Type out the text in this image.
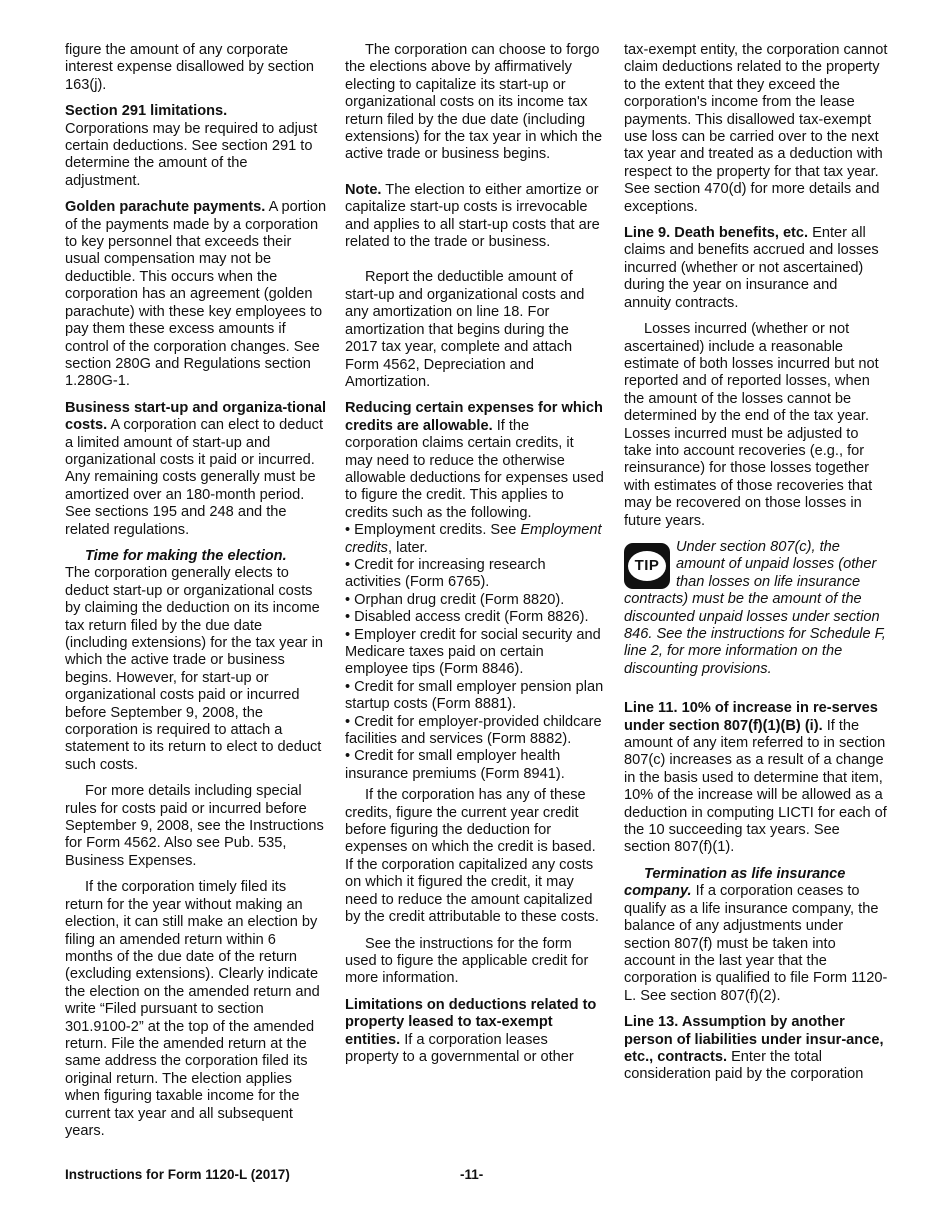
figure the amount of any corporate interest expense disallowed by section 163(j).

Section 291 limitations.
Corporations may be required to adjust certain deductions. See section 291 to determine the amount of the adjustment.

Golden parachute payments. A portion of the payments made by a corporation to key personnel that exceeds their usual compensation may not be deductible. This occurs when the corporation has an agreement (golden parachute) with these key employees to pay them these excess amounts if control of the corporation changes. See section 280G and Regulations section 1.280G-1.

Business start-up and organiza-tional costs. A corporation can elect to deduct a limited amount of start-up and organizational costs it paid or incurred. Any remaining costs generally must be amortized over an 180-month period. See sections 195 and 248 and the related regulations.

Time for making the election.

The corporation generally elects to deduct start-up or organizational costs by claiming the deduction on its income tax return filed by the due date (including extensions) for the tax year in which the active trade or business begins. However, for start-up or organizational costs paid or incurred before September 9, 2008, the corporation is required to attach a statement to its return to elect to deduct such costs.

For more details including special rules for costs paid or incurred before September 9, 2008, see the Instructions for Form 4562. Also see Pub. 535, Business Expenses.

If the corporation timely filed its return for the year without making an election, it can still make an election by filing an amended return within 6 months of the due date of the return (excluding extensions). Clearly indicate the election on the amended return and write “Filed pursuant to section 301.9100-2” at the top of the amended return. File the amended return at the same address the corporation filed its original return. The election applies when figuring taxable income for the current tax year and all subsequent years.

The corporation can choose to forgo the elections above by affirmatively electing to capitalize its start-up or organizational costs on its income tax return filed by the due date (including extensions) for the tax year in which the active trade or business begins.

Note. The election to either amortize or capitalize start-up costs is irrevocable and applies to all start-up costs that are related to the trade or business.

Report the deductible amount of start-up and organizational costs and any amortization on line 18. For amortization that begins during the 2017 tax year, complete and attach Form 4562, Depreciation and Amortization.

Reducing certain expenses for which credits are allowable. If the corporation claims certain credits, it may need to reduce the otherwise allowable deductions for expenses used to figure the credit. This applies to credits such as the following.

• Employment credits. See Employment credits, later.
• Credit for increasing research activities (Form 6765).
• Orphan drug credit (Form 8820).
• Disabled access credit (Form 8826).
• Employer credit for social security and Medicare taxes paid on certain employee tips (Form 8846).
• Credit for small employer pension plan startup costs (Form 8881).
• Credit for employer-provided childcare facilities and services (Form 8882).
• Credit for small employer health insurance premiums (Form 8941).

If the corporation has any of these credits, figure the current year credit before figuring the deduction for expenses on which the credit is based. If the corporation capitalized any costs on which it figured the credit, it may need to reduce the amount capitalized by the credit attributable to these costs.

See the instructions for the form used to figure the applicable credit for more information.

Limitations on deductions related to property leased to tax-exempt entities. If a corporation leases property to a governmental or other

tax-exempt entity, the corporation cannot claim deductions related to the property to the extent that they exceed the corporation's income from the lease payments. This disallowed tax-exempt use loss can be carried over to the next tax year and treated as a deduction with respect to the property for that tax year. See section 470(d) for more details and exceptions.

Line 9. Death benefits, etc. Enter all claims and benefits accrued and losses incurred (whether or not ascertained) during the year on insurance and annuity contracts.

Losses incurred (whether or not ascertained) include a reasonable estimate of both losses incurred but not reported and of reported losses, when the amount of the losses cannot be determined by the end of the tax year. Losses incurred must be adjusted to take into account recoveries (e.g., for reinsurance) for those losses together with estimates of those recoveries that may be recovered on those losses in future years.

TIP
Under section 807(c), the amount of unpaid losses (other than losses on life insurance contracts) must be the amount of the discounted unpaid losses under section 846. See the instructions for Schedule F, line 2, for more information on the discounting provisions.

Line 11. 10% of increase in re-serves under section 807(f)(1)(B) (i). If the amount of any item referred to in section 807(c) increases as a result of a change in the basis used to determine that item, 10% of the increase will be allowed as a deduction in computing LICTI for each of the 10 succeeding tax years. See section 807(f)(1).

Termination as life insurance company. If a corporation ceases to qualify as a life insurance company, the balance of any adjustments under section 807(f) must be taken into account in the last year that the corporation is qualified to file Form 1120-L. See section 807(f)(2).

Line 13. Assumption by another person of liabilities under insur-ance, etc., contracts. Enter the total consideration paid by the corporation

Instructions for Form 1120-L (2017)	-11-
